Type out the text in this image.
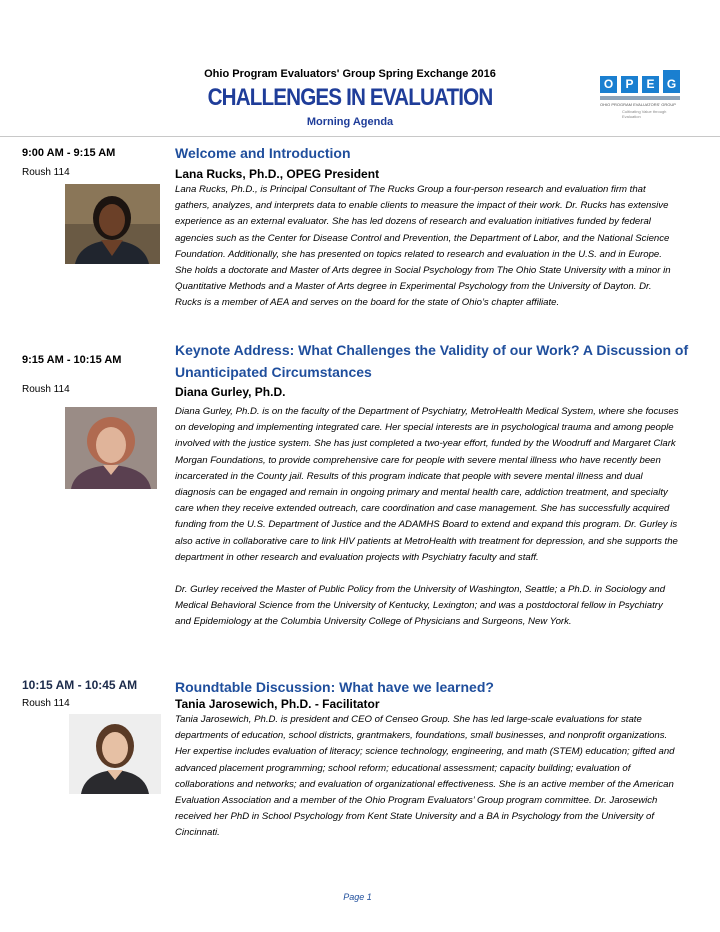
Ohio Program Evaluators' Group Spring Exchange 2016
CHALLENGES IN EVALUATION
Morning Agenda
O	P	E	G
OHIO PROGRAM EVALUATORS' GROUP
Cultivating Value through Evaluation
9:00 AM - 9:15 AM
Roush 114
Welcome and Introduction
Lana Rucks, Ph.D., OPEG President

Lana Rucks, Ph.D., is Principal Consultant of The Rucks Group a four-person research and evaluation firm that gathers, analyzes, and interprets data to enable clients to measure the impact of their work. Dr. Rucks has extensive experience as an external evaluator. She has led dozens of research and evaluation initiatives funded by federal agencies such as the Center for Disease Control and Prevention, the Department of Labor, and the National Science Foundation. Additionally, she has presented on topics related to research and evaluation in the U.S. and in Europe. She holds a doctorate and Master of Arts degree in Social Psychology from The Ohio State University with a minor in Quantitative Methods and a Master of Arts degree in Experimental Psychology from the University of Dayton. Dr. Rucks is a member of AEA and serves on the board for the state of Ohio’s chapter affiliate.

9:15 AM - 10:15 AM
Roush 114
Keynote Address: What Challenges the Validity of our Work? A Discussion of Unanticipated Circumstances
Diana Gurley, Ph.D.

Diana Gurley, Ph.D. is on the faculty of the Department of Psychiatry, MetroHealth Medical System, where she focuses on developing and implementing integrated care. Her special interests are in psychological trauma and among people involved with the justice system. She has just completed a two-year effort, funded by the Woodruff and Margaret Clark Morgan Foundations, to provide comprehensive care for people with severe mental illness who have recently been incarcerated in the County jail. Results of this program indicate that people with severe mental illness and dual diagnosis can be engaged and remain in ongoing primary and mental health care, addiction treatment, and specialty care when they receive extended outreach, care coordination and case management. She has successfully acquired funding from the U.S. Department of Justice and the ADAMHS Board to extend and expand this program. Dr. Gurley is also active in collaborative care to link HIV patients at MetroHealth with treatment for depression, and she supports the department in other research and evaluation projects with Psychiatry faculty and staff.

Dr. Gurley received the Master of Public Policy from the University of Washington, Seattle; a Ph.D. in Sociology and Medical Behavioral Science from the University of Kentucky, Lexington; and was a postdoctoral fellow in Psychiatry and Epidemiology at the Columbia University College of Physicians and Surgeons, New York.

10:15 AM - 10:45 AM
Roush 114
Roundtable Discussion: What have we learned?
Tania Jarosewich, Ph.D. - Facilitator

Tania Jarosewich, Ph.D. is president and CEO of Censeo Group. She has led large-scale evaluations for state departments of education, school districts, grantmakers, foundations, small businesses, and nonprofit organizations. Her expertise includes evaluation of literacy; science technology, engineering, and math (STEM) education; gifted and advanced placement programming; school reform; educational assessment; capacity building; evaluation of collaborations and networks; and evaluation of organizational effectiveness. She is an active member of the American Evaluation Association and a member of the Ohio Program Evaluators’ Group program committee. Dr. Jarosewich received her PhD in School Psychology from Kent State University and a BA in Psychology from the University of Cincinnati.

Page 1
